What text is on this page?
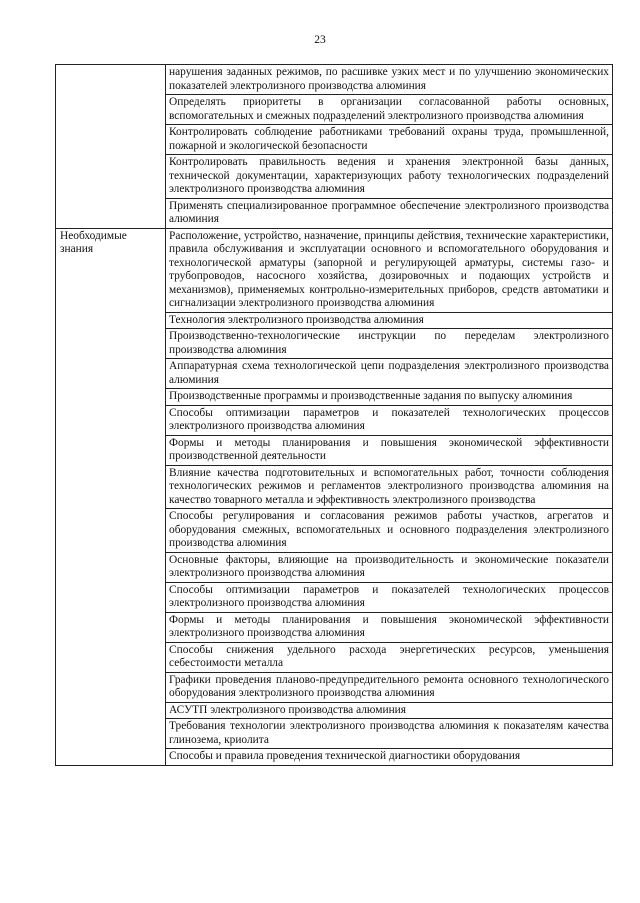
23
	нарушения заданных режимов, по расшивке узких мест и по улучшению экономических показателей электролизного производства алюминия
	Определять приоритеты в организации согласованной работы основных, вспомогательных и смежных подразделений электролизного производства алюминия
	Контролировать соблюдение работниками требований охраны труда, промышленной, пожарной и экологической безопасности
	Контролировать правильность ведения и хранения электронной базы данных, технической документации, характеризующих работу технологических подразделений электролизного производства алюминия
	Применять специализированное программное обеспечение электролизного производства алюминия
Необходимые знания	Расположение, устройство, назначение, принципы действия, технические характеристики, правила обслуживания и эксплуатации основного и вспомогательного оборудования и технологической арматуры (запорной и регулирующей арматуры, системы газо- и трубопроводов, насосного хозяйства, дозировочных и подающих устройств и механизмов), применяемых контрольно-измерительных приборов, средств автоматики и сигнализации электролизного производства алюминия
	Технология электролизного производства алюминия
	Производственно-технологические инструкции по переделам электролизного производства алюминия
	Аппаратурная схема технологической цепи подразделения электролизного производства алюминия
	Производственные программы и производственные задания по выпуску алюминия
	Способы оптимизации параметров и показателей технологических процессов электролизного производства алюминия
	Формы и методы планирования и повышения экономической эффективности производственной деятельности
	Влияние качества подготовительных и вспомогательных работ, точности соблюдения технологических режимов и регламентов электролизного производства алюминия на качество товарного металла и эффективность электролизного производства
	Способы регулирования и согласования режимов работы участков, агрегатов и оборудования смежных, вспомогательных и основного подразделения электролизного производства алюминия
	Основные факторы, влияющие на производительность и экономические показатели электролизного производства алюминия
	Способы оптимизации параметров и показателей технологических процессов электролизного производства алюминия
	Формы и методы планирования и повышения экономической эффективности электролизного производства алюминия
	Способы снижения удельного расхода энергетических ресурсов, уменьшения себестоимости металла
	Графики проведения планово-предупредительного ремонта основного технологического оборудования электролизного производства алюминия
	АСУТП электролизного производства алюминия
	Требования технологии электролизного производства алюминия к показателям качества глинозема, криолита
	Способы и правила проведения технической диагностики оборудования
